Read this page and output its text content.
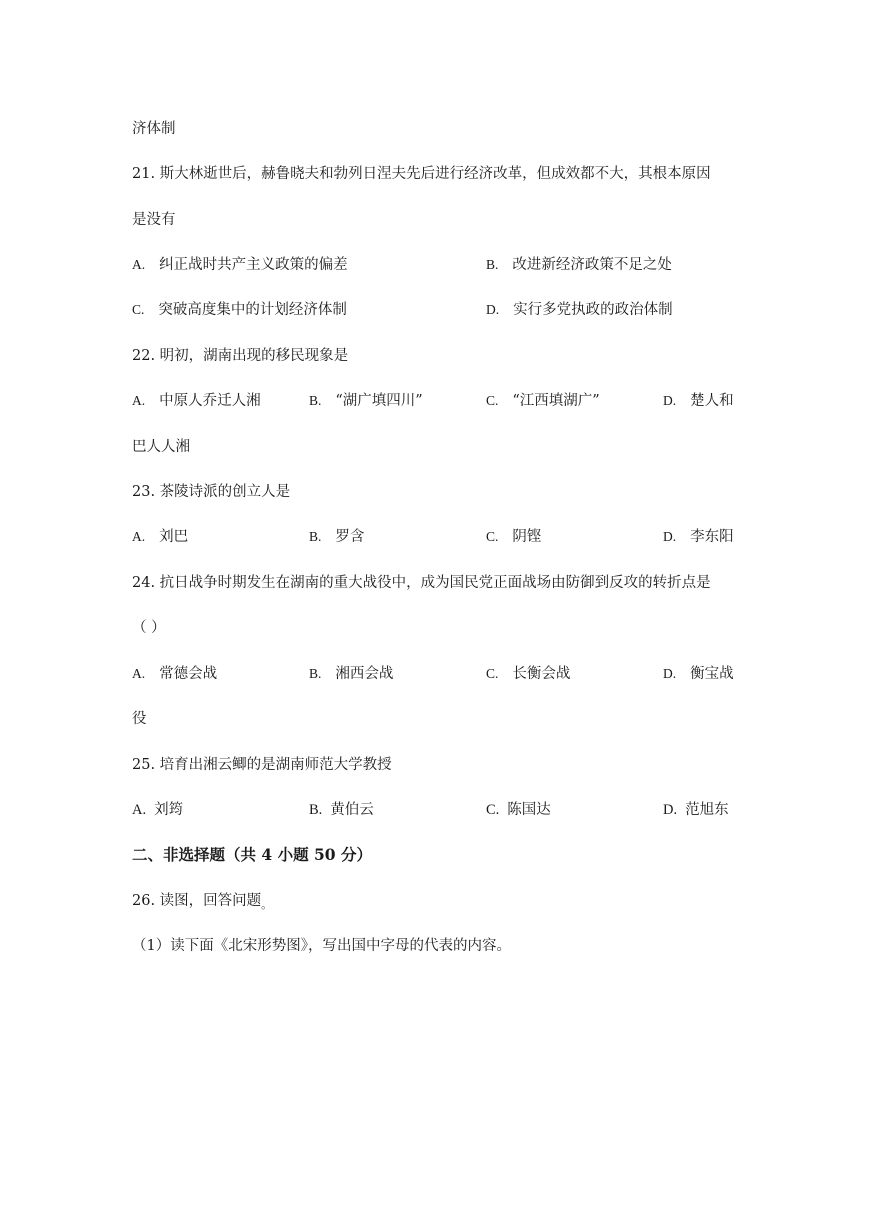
济体制
21. 斯大林逝世后，赫鲁晓夫和勃列日涅夫先后进行经济改革，但成效都不大，其根本原因
是没有
A. 纠正战时共产主义政策的偏差	B. 改进新经济政策不足之处
C. 突破高度集中的计划经济体制	D. 实行多党执政的政治体制
22. 明初，湖南出现的移民现象是
A. 中原人乔迁人湘	B. “湖广填四川”	C. “江西填湖广”	D. 楚人和
巴人人湘
23. 茶陵诗派的创立人是
A. 刘巴	B. 罗含	C. 阴铿	D. 李东阳
24. 抗日战争时期发生在湖南的重大战役中，成为国民党正面战场由防御到反攻的转折点是
（ ）
A. 常德会战	B. 湘西会战	C. 长衡会战	D. 衡宝战
役
25. 培育出湘云鲫的是湖南师范大学教授
A. 刘筠	B. 黄伯云	C. 陈国达	D. 范旭东
二、非选择题（共 4 小题 50 分）
26. 读图，回答问题$_。$
（1）读下面《北宋形势图》，写出国中字母的代表的内容。
